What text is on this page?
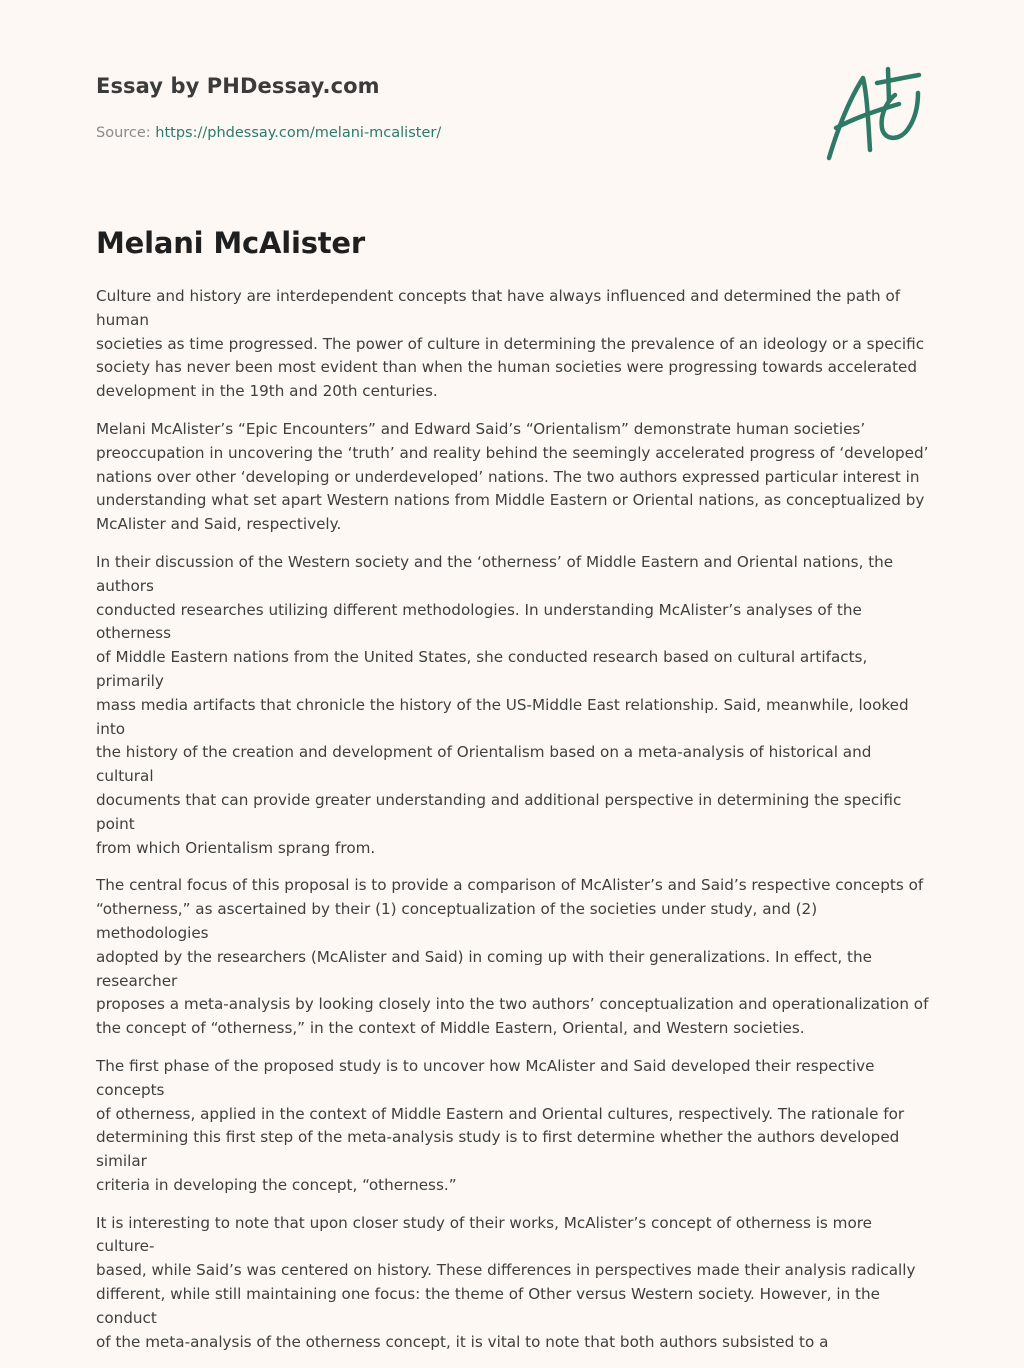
Essay by PHDessay.com
Source: https://phdessay.com/melani-mcalister/
Melani McAlister

Culture and history are interdependent concepts that have always influenced and determined the path of human
societies as time progressed. The power of culture in determining the prevalence of an ideology or a specific
society has never been most evident than when the human societies were progressing towards accelerated
development in the 19th and 20th centuries.

Melani McAlister’s “Epic Encounters” and Edward Said’s “Orientalism” demonstrate human societies’
preoccupation in uncovering the ‘truth’ and reality behind the seemingly accelerated progress of ‘developed’
nations over other ‘developing or underdeveloped’ nations. The two authors expressed particular interest in
understanding what set apart Western nations from Middle Eastern or Oriental nations, as conceptualized by
McAlister and Said, respectively.

In their discussion of the Western society and the ‘otherness’ of Middle Eastern and Oriental nations, the authors
conducted researches utilizing different methodologies. In understanding McAlister’s analyses of the otherness
of Middle Eastern nations from the United States, she conducted research based on cultural artifacts, primarily
mass media artifacts that chronicle the history of the US-Middle East relationship. Said, meanwhile, looked into
the history of the creation and development of Orientalism based on a meta-analysis of historical and cultural
documents that can provide greater understanding and additional perspective in determining the specific point
from which Orientalism sprang from.

The central focus of this proposal is to provide a comparison of McAlister’s and Said’s respective concepts of
“otherness,” as ascertained by their (1) conceptualization of the societies under study, and (2) methodologies
adopted by the researchers (McAlister and Said) in coming up with their generalizations. In effect, the researcher
proposes a meta-analysis by looking closely into the two authors’ conceptualization and operationalization of
the concept of “otherness,” in the context of Middle Eastern, Oriental, and Western societies.

The first phase of the proposed study is to uncover how McAlister and Said developed their respective concepts
of otherness, applied in the context of Middle Eastern and Oriental cultures, respectively. The rationale for
determining this first step of the meta-analysis study is to first determine whether the authors developed similar
criteria in developing the concept, “otherness.”

It is interesting to note that upon closer study of their works, McAlister’s concept of otherness is more culture-
based, while Said’s was centered on history. These differences in perspectives made their analysis radically
different, while still maintaining one focus: the theme of Other versus Western society. However, in the conduct
of the meta-analysis of the otherness concept, it is vital to note that both authors subsisted to a
